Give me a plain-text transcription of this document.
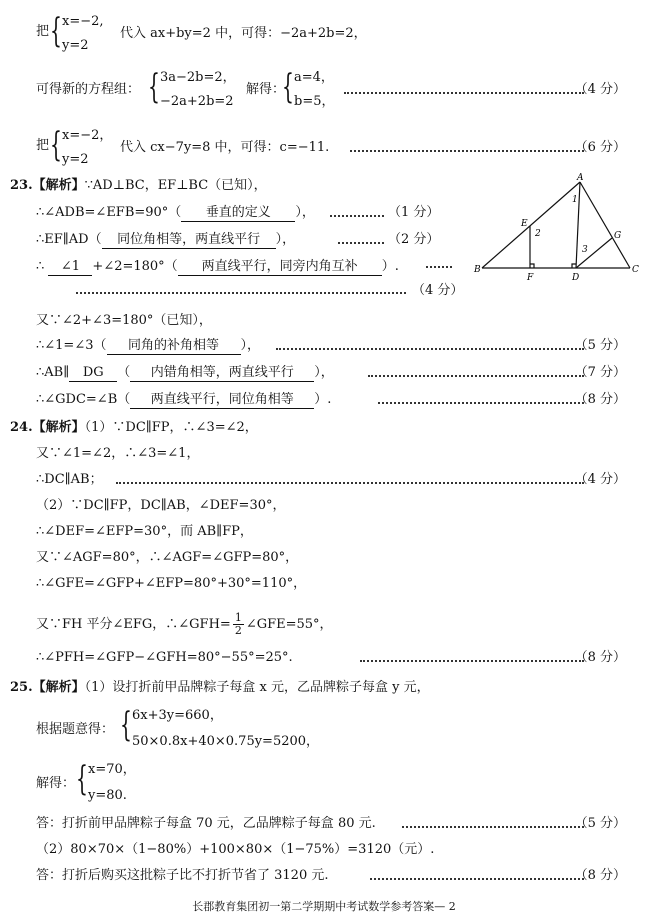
把 { x=−2,
y=2
代入 ax+by=2 中，可得：−2a+2b=2，
可得新的方程组： { 3a−2b=2，
−2a+2b=2
解得：
{ a=4，
b=5，
（4 分）
把 { x=−2，
y=2
代入 cx−7y=8 中，可得：c=−11.	（6 分）
23.【解析】∵AD⊥BC，EF⊥BC（已知），
∴∠ADB=∠EFB=90°（ 垂直的定义 ），	（1 分）
∴EF∥AD（ 同位角相等，两直线平行 ），	（2 分）
∴ ∠1 +∠2=180°（ 两直线平行，同旁内角互补 ）.
（4 分）
又∵∠2+∠3=180°（已知），
∴∠1=∠3（ 同角的补角相等 ），	（5 分）
∴AB∥ DG （ 内错角相等，两直线平行 ），	（7 分）
∴∠GDC=∠B（ 两直线平行，同位角相等 ）.	（8 分）
A
B	C
D
E
F
G
1
2
3
24.【解析】（1）∵DC∥FP，∴∠3=∠2，
又∵∠1=∠2，∴∠3=∠1，
∴DC∥AB；	（4 分）
（2）∵DC∥FP，DC∥AB，∠DEF=30°，
∴∠DEF=∠EFP=30°，而 AB∥FP，
又∵∠AGF=80°，∴∠AGF=∠GFP=80°，
∴∠GFE=∠GFP+∠EFP=80°+30°=110°，
又∵FH 平分∠EFG，∴∠GFH= $\frac{1}{2}$ ∠GFE=55°，
∴∠PFH=∠GFP−∠GFH=80°−55°=25°.	（8 分）
25.【解析】（1）设打折前甲品牌粽子每盒 x 元，乙品牌粽子每盒 y 元，
根据题意得： { 6x+3y=660，
50×0.8x+40×0.75y=5200，
解得： { x=70，
y=80.
答：打折前甲品牌粽子每盒 70 元，乙品牌粽子每盒 80 元.	（5 分）
（2）80×70×（1−80%）+100×80×（1−75%）=3120（元）.
答：打折后购买这批粽子比不打折节省了 3120 元.	（8 分）
长郡教育集团初一第二学期期中考试数学参考答案— 2
